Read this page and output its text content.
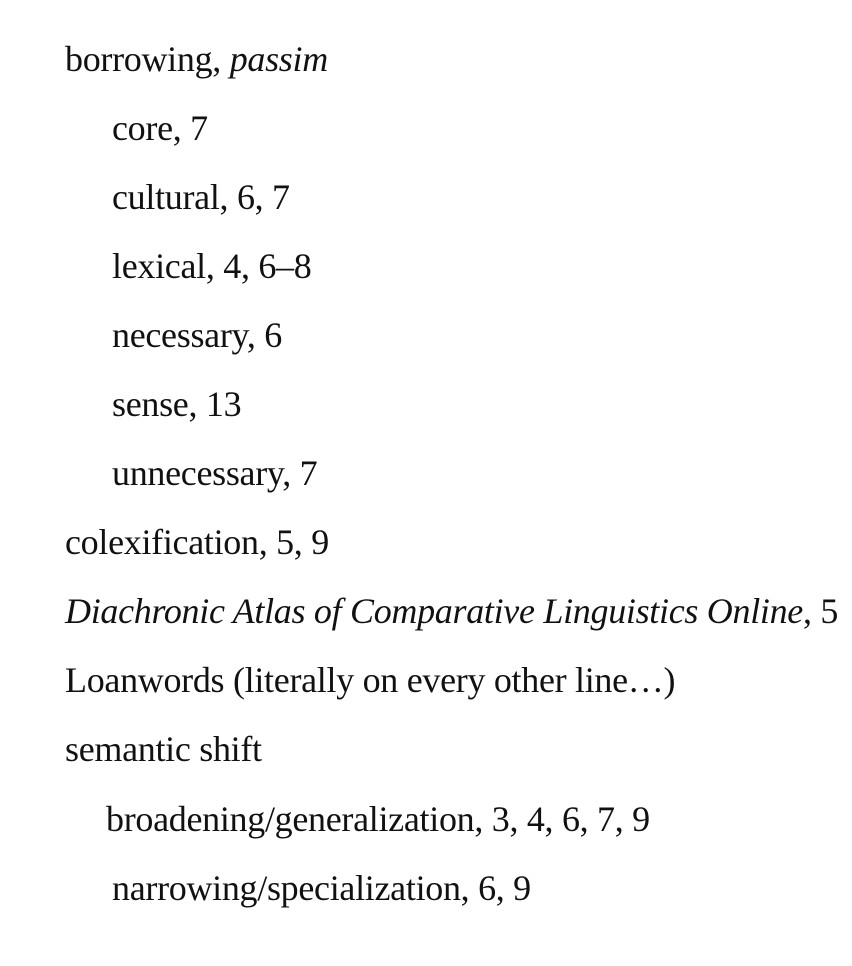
borrowing, passim
core, 7
cultural, 6, 7
lexical, 4, 6–8
necessary, 6
sense, 13
unnecessary, 7
colexification, 5, 9
Diachronic Atlas of Comparative Linguistics Online, 5
Loanwords (literally on every other line…)
semantic shift
broadening/generalization, 3, 4, 6, 7, 9
narrowing/specialization, 6, 9
